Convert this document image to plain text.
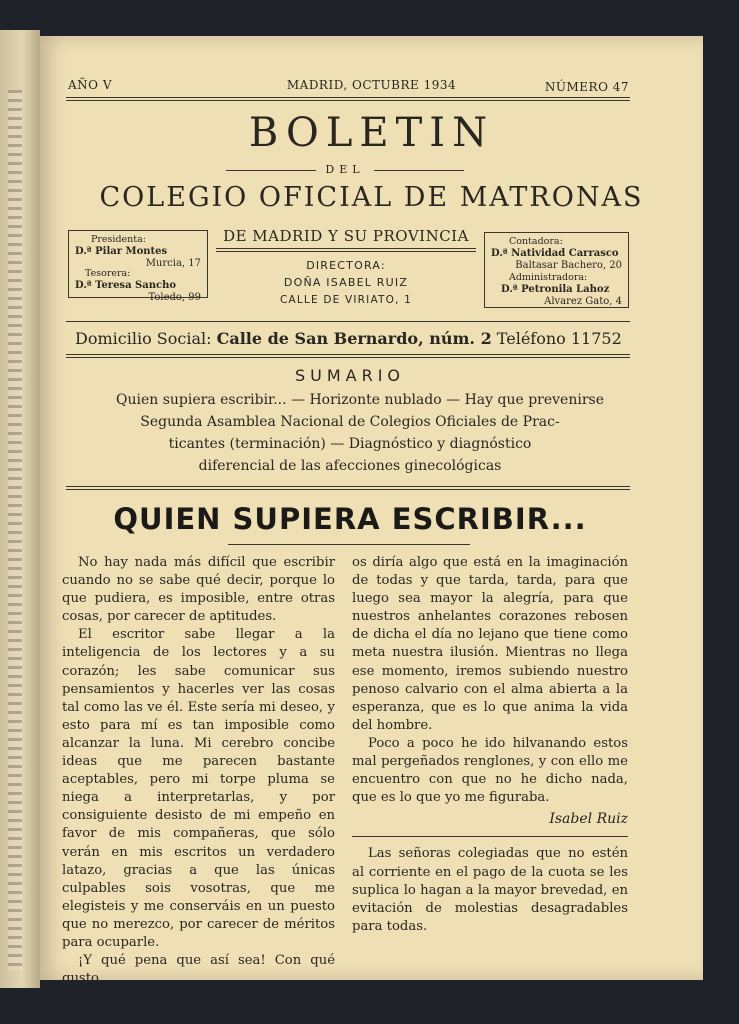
AÑO V	MADRID, OCTUBRE 1934	NÚMERO 47
BOLETIN
DEL
COLEGIO OFICIAL DE MATRONAS
Presidenta:
D.ª Pilar Montes
Murcia, 17
Tesorera:
D.ª Teresa Sancho
Toledo, 99
DE MADRID Y SU PROVINCIA
DIRECTORA:
DOÑA ISABEL RUIZ
CALLE DE VIRIATO, 1
Contadora:
D.ª Natividad Carrasco
Baltasar Bachero, 20
Administradora:
D.ª Petronila Lahoz
Alvarez Gato, 4
Domicilio Social: Calle de San Bernardo, núm. 2 Teléfono 11752
SUMARIO
Quien supiera escribir... — Horizonte nublado — Hay que prevenirse
Segunda Asamblea Nacional de Colegios Oficiales de Prac-
ticantes (terminación) — Diagnóstico y diagnóstico
diferencial de las afecciones ginecológicas
QUIEN SUPIERA ESCRIBIR...

No hay nada más difícil que escribir cuando no se sabe qué decir, porque lo que pudiera, es imposible, entre otras cosas, por carecer de aptitudes.

El escritor sabe llegar a la inteligencia de los lectores y a su corazón; les sabe comunicar sus pensamientos y hacerles ver las cosas tal como las ve él. Este sería mi deseo, y esto para mí es tan imposible como alcanzar la luna. Mi cerebro concibe ideas que me parecen bastante aceptables, pero mi torpe pluma se niega a interpretarlas, y por consiguiente desisto de mi empeño en favor de mis compañeras, que sólo verán en mis escritos un verdadero latazo, gracias a que las únicas culpables sois vosotras, que me elegisteis y me conserváis en un puesto que no merezco, por carecer de méritos para ocuparle.

¡Y qué pena que así sea! Con qué gusto

os diría algo que está en la imaginación de todas y que tarda, tarda, para que luego sea mayor la alegría, para que nuestros anhelantes corazones rebosen de dicha el día no lejano que tiene como meta nuestra ilusión. Mientras no llega ese momento, iremos subiendo nuestro penoso calvario con el alma abierta a la esperanza, que es lo que anima la vida del hombre.

Poco a poco he ido hilvanando estos mal pergeñados renglones, y con ello me encuentro con que no he dicho nada, que es lo que yo me figuraba.

Isabel Ruiz

Las señoras colegiadas que no estén al corriente en el pago de la cuota se les suplica lo hagan a la mayor brevedad, en evitación de molestias desagradables para todas.
